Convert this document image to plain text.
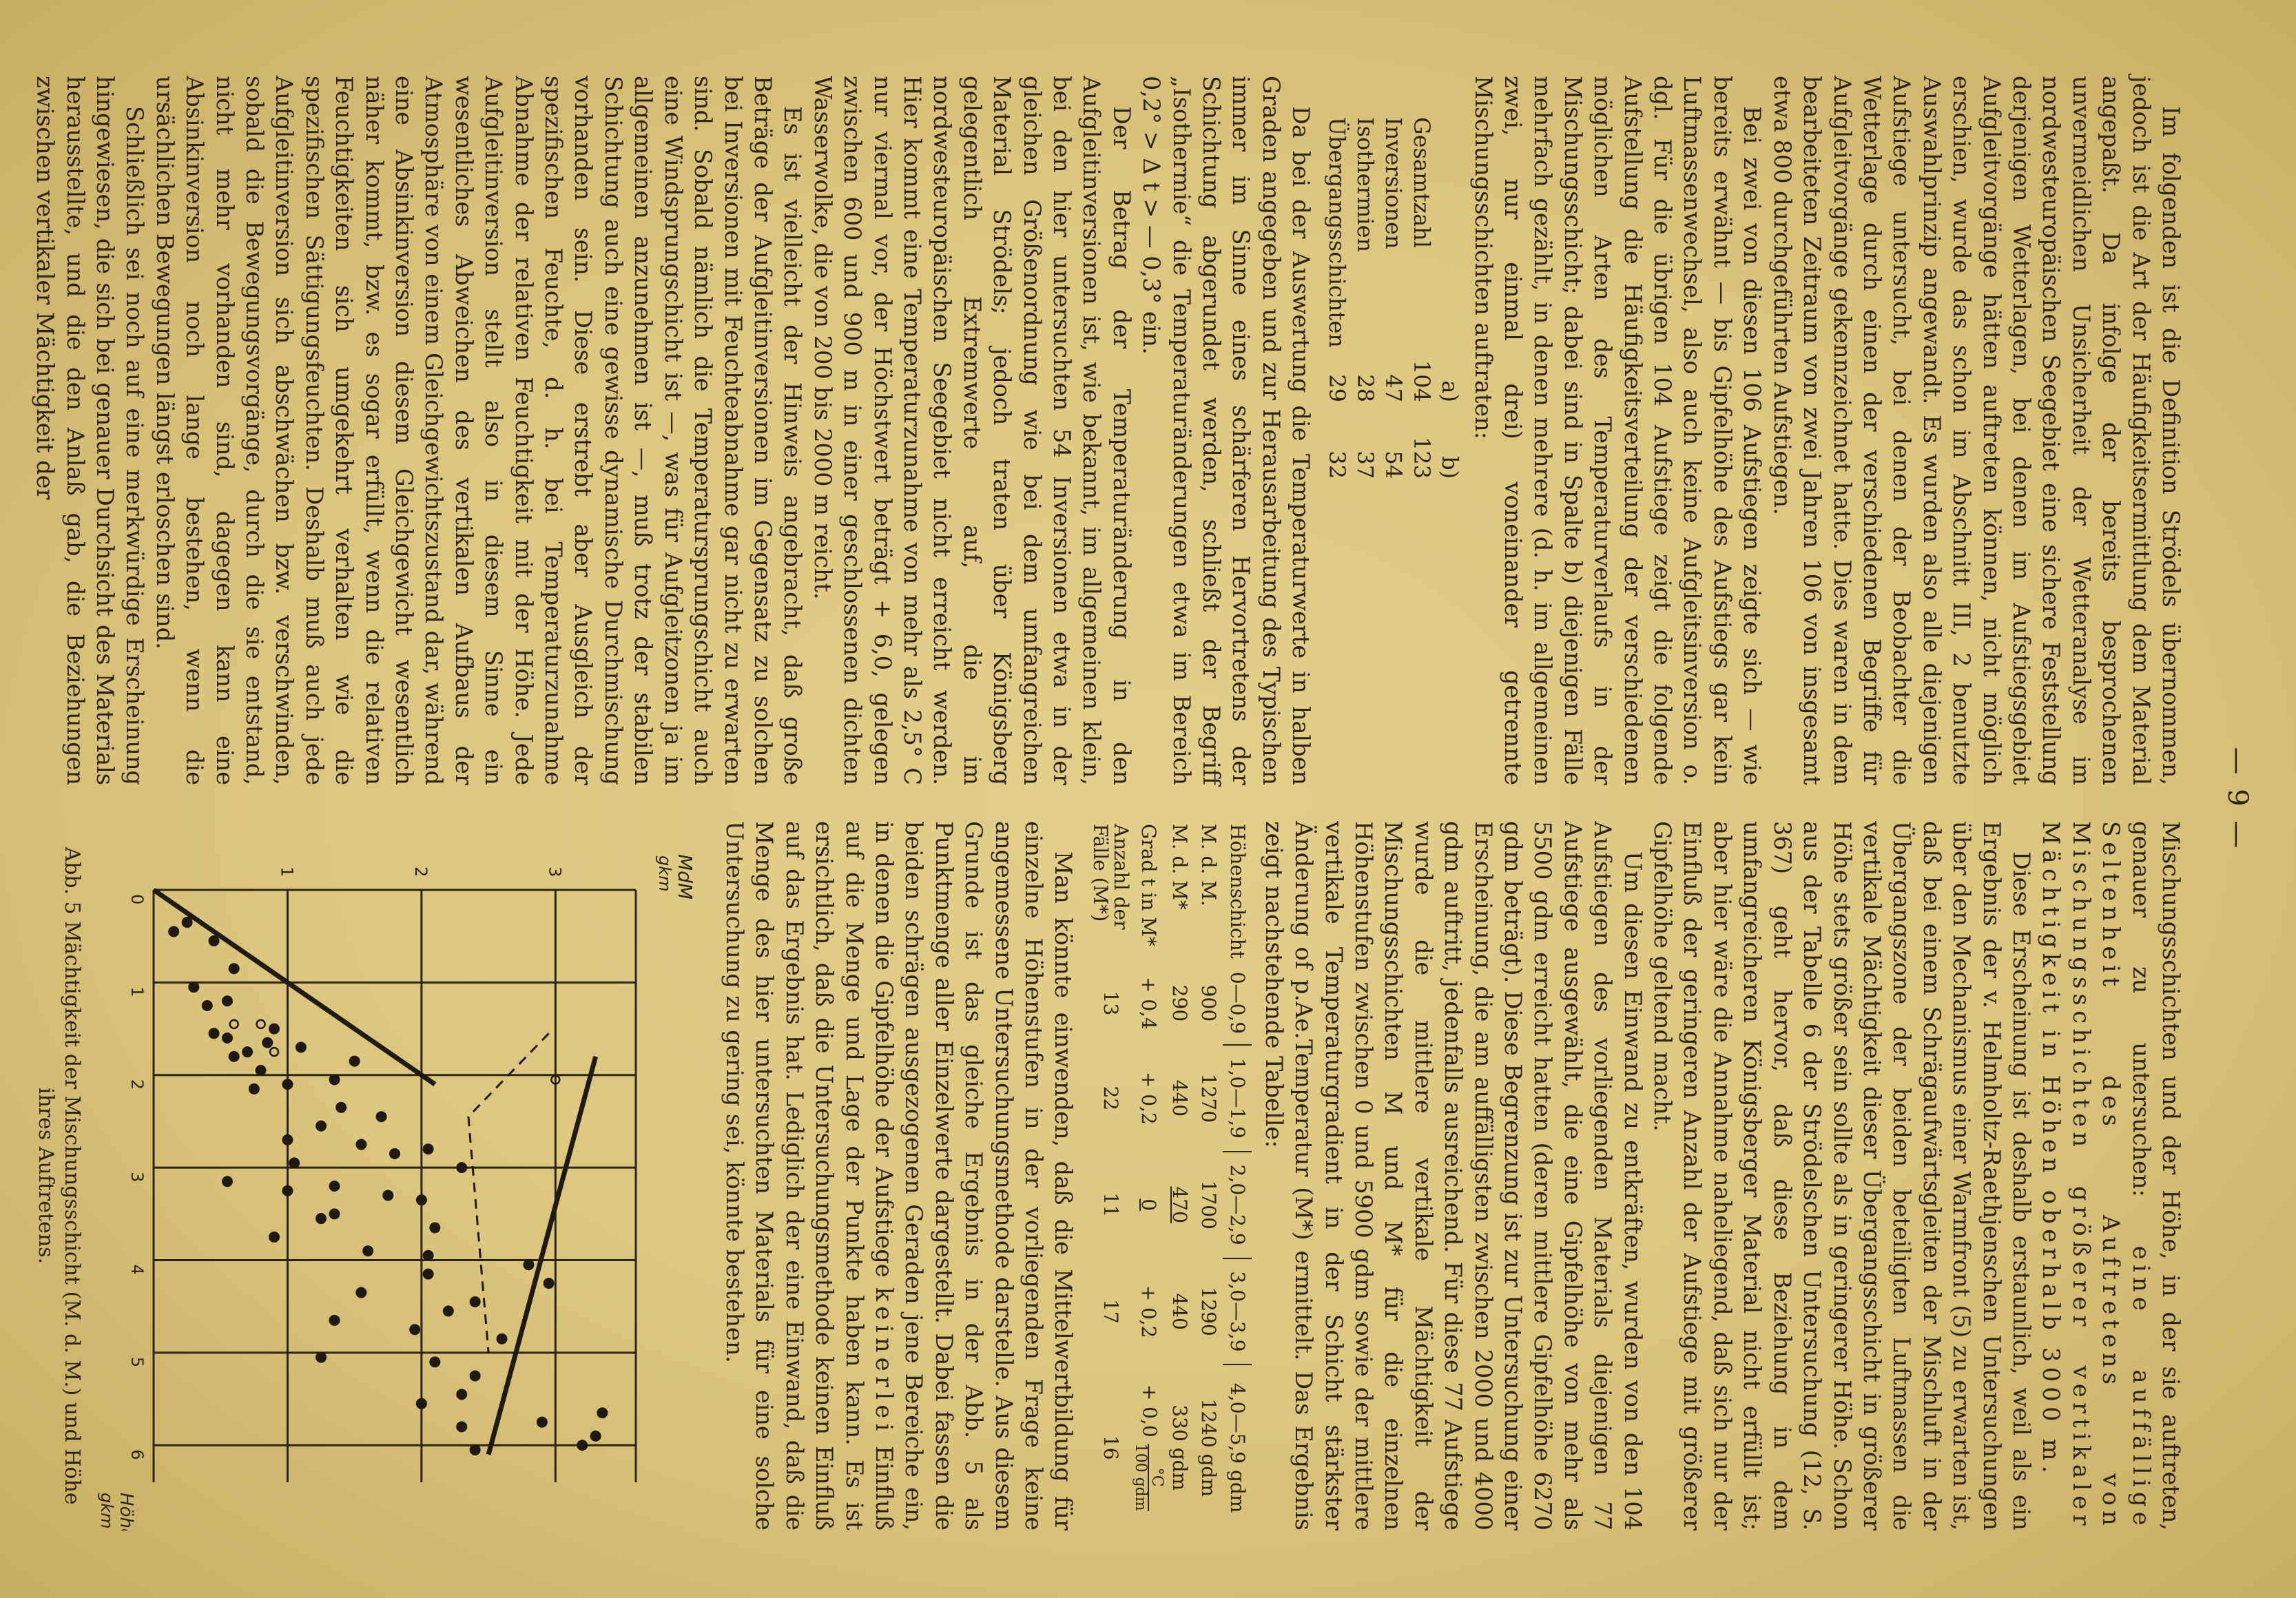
— 9 —

Im folgenden ist die Definition Strödels übernommen, jedoch ist die Art der Häufigkeitsermittlung dem Material angepaßt. Da infolge der bereits besprochenen unvermeidlichen Unsicherheit der Wetteranalyse im nordwesteuropäischen Seegebiet eine sichere Feststellung derjenigen Wetterlagen, bei denen im Aufstiegsgebiet Aufgleitvorgänge hätten auftreten können, nicht möglich erschien, wurde das schon im Abschnitt III, 2 benutzte Auswahlprinzip angewandt. Es wurden also alle diejenigen Aufstiege untersucht, bei denen der Beobachter die Wetterlage durch einen der verschiedenen Begriffe für Aufgleitvorgänge gekennzeichnet hatte. Dies waren in dem bearbeiteten Zeitraum von zwei Jahren 106 von insgesamt etwa 800 durchgeführten Aufstiegen.

Bei zwei von diesen 106 Aufstiegen zeigte sich — wie bereits erwähnt — bis Gipfelhöhe des Aufstiegs gar kein Luftmassenwechsel, also auch keine Aufgleitsinversion o. dgl. Für die übrigen 104 Aufstiege zeigt die folgende Aufstellung die Häufigkeitsverteilung der verschiedenen möglichen Arten des Temperaturverlaufs in der Mischungsschicht; dabei sind in Spalte b) diejenigen Fälle mehrfach gezählt, in denen mehrere (d. h. im allgemeinen zwei, nur einmal drei) voneinander getrennte Mischungsschichten auftraten:

	a)	b)
Gesamtzahl	104	123
Inversionen	47	54
Isothermien	28	37
Übergangsschichten	29	32

Da bei der Auswertung die Temperaturwerte in halben Graden angegeben und zur Herausarbeitung des Typischen immer im Sinne eines schärferen Hervortretens der Schichtung abgerundet werden, schließt der Begriff „Isothermie“ die Temperaturänderungen etwa im Bereich 0,2° > Δ t > — 0,3° ein.

Der Betrag der Temperaturänderung in den Aufgleitinversionen ist, wie bekannt, im allgemeinen klein, bei den hier untersuchten 54 Inversionen etwa in der gleichen Größenordnung wie bei dem umfangreichen Material Strödels; jedoch traten über Königsberg gelegentlich Extremwerte auf, die im nordwesteuropäischen Seegebiet nicht erreicht werden. Hier kommt eine Temperaturzunahme von mehr als 2,5° C nur viermal vor, der Höchstwert beträgt + 6,0, gelegen zwischen 600 und 900 m in einer geschlossenen dichten Wasserwolke, die von 200 bis 2000 m reicht.

Es ist vielleicht der Hinweis angebracht, daß große Beträge der Aufgleitinversionen im Gegensatz zu solchen bei Inversionen mit Feuchteabnahme gar nicht zu erwarten sind. Sobald nämlich die Temperatursprungschicht auch eine Windsprungschicht ist —, was für Aufgleitzonen ja im allgemeinen anzunehmen ist —, muß trotz der stabilen Schichtung auch eine gewisse dynamische Durchmischung vorhanden sein. Diese erstrebt aber Ausgleich der spezifischen Feuchte, d. h. bei Temperaturzunahme Abnahme der relativen Feuchtigkeit mit der Höhe. Jede Aufgleitinversion stellt also in diesem Sinne ein wesentliches Abweichen des vertikalen Aufbaus der Atmosphäre von einem Gleichgewichtszustand dar, während eine Absinkinversion diesem Gleichgewicht wesentlich näher kommt, bzw. es sogar erfüllt, wenn die relativen Feuchtigkeiten sich umgekehrt verhalten wie die spezifischen Sättigungsfeuchten. Deshalb muß auch jede Aufgleitinversion sich abschwächen bzw. verschwinden, sobald die Bewegungsvorgänge, durch die sie entstand, nicht mehr vorhanden sind, dagegen kann eine Absinkinversion noch lange bestehen, wenn die ursächlichen Bewegungen längst erloschen sind.

Schließlich sei noch auf eine merkwürdige Erscheinung hingewiesen, die sich bei genauer Durchsicht des Materials herausstellte, und die den Anlaß gab, die Beziehungen zwischen vertikaler Mächtigkeit der

Mischungsschichten und der Höhe, in der sie auftreten, genauer zu untersuchen: eine auffällige Seltenheit des Auftretens von Mischungsschichten größerer vertikaler Mächtigkeit in Höhen oberhalb 3000 m.

Diese Erscheinung ist deshalb erstaunlich, weil als ein Ergebnis der v. Helmholtz-Raethjenschen Untersuchungen über den Mechanismus einer Warmfront (5) zu erwarten ist, daß bei einem Schrägaufwärtsgleiten der Mischluft in der Übergangszone der beiden beteiligten Luftmassen die vertikale Mächtigkeit dieser Übergangsschicht in größerer Höhe stets größer sein sollte als in geringerer Höhe. Schon aus der Tabelle 6 der Strödelschen Untersuchung (12, S. 367) geht hervor, daß diese Beziehung in dem umfangreicheren Königsberger Material nicht erfüllt ist; aber hier wäre die Annahme naheliegend, daß sich nur der Einfluß der geringeren Anzahl der Aufstiege mit größerer Gipfelhöhe geltend macht.

Um diesen Einwand zu entkräften, wurden von den 104 Aufstiegen des vorliegenden Materials diejenigen 77 Aufstiege ausgewählt, die eine Gipfelhöhe von mehr als 5500 gdm erreicht hatten (deren mittlere Gipfelhöhe 6270 gdm beträgt). Diese Begrenzung ist zur Untersuchung einer Erscheinung, die am auffälligsten zwischen 2000 und 4000 gdm auftritt, jedenfalls ausreichend. Für diese 77 Aufstiege wurde die mittlere vertikale Mächtigkeit der Mischungsschichten M und M* für die einzelnen Höhenstufen zwischen 0 und 5900 gdm sowie der mittlere vertikale Temperaturgradient in der Schicht stärkster Änderung of p.Ae.Temperatur (M*) ermittelt. Das Ergebnis zeigt nachstehende Tabelle:

Höhenschicht	0—0,9	1,0—1,9	2,0—2,9	3,0—3,9	4,0—5,9 gdm
M. d. M.	900	1270	1700	1290	1240 gdm
M. d. M*	290	440	470	440	330 gdm
Grad t in M*	+ 0,4	+ 0,2	0	+ 0,2	+ 0,0
°C
100 gdm

Anzahl der Fälle (M*)	13	22	11	17	16

Man könnte einwenden, daß die Mittelwertbildung für einzelne Höhenstufen in der vorliegenden Frage keine angemessene Untersuchungsmethode darstelle. Aus diesem Grunde ist das gleiche Ergebnis in der Abb. 5 als Punktmenge aller Einzelwerte dargestellt. Dabei fassen die beiden schrägen ausgezogenen Geraden jene Bereiche ein, in denen die Gipfelhöhe der Aufstiege keinerlei Einfluß auf die Menge und Lage der Punkte haben kann. Es ist ersichtlich, daß die Untersuchungsmethode keinen Einfluß auf das Ergebnis hat. Lediglich der eine Einwand, daß die Menge des hier untersuchten Materials für eine solche Untersuchung zu gering sei, könnte bestehen.

0
1
2
3
4
5
6
1	2	3	MdM
gkm
Höhe
gkm
Abb. 5 Mächtigkeit der Mischungsschicht (M. d. M.) und Höhe ihres Auftretens.
